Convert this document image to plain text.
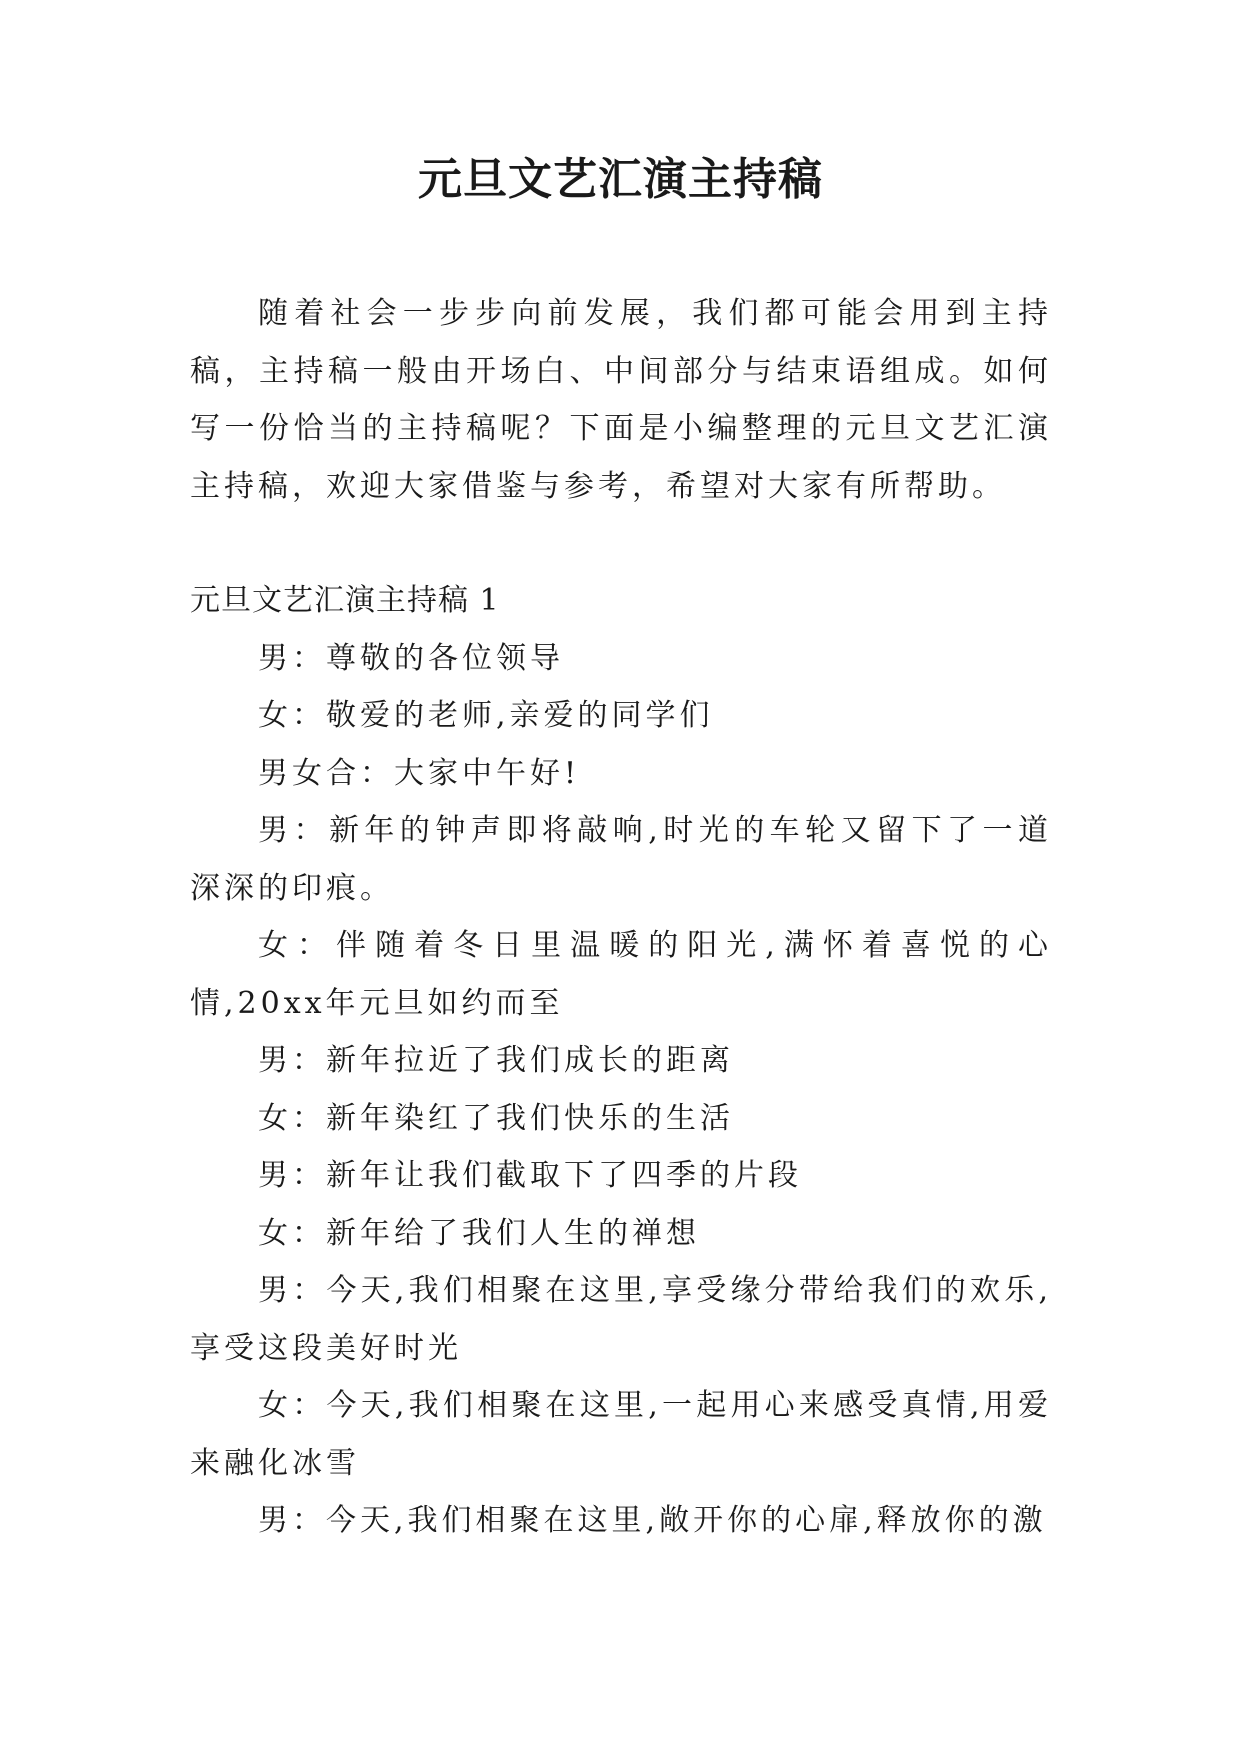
元旦文艺汇演主持稿

随着社会一步步向前发展，我们都可能会用到主持稿，主持稿一般由开场白、中间部分与结束语组成。如何写一份恰当的主持稿呢？下面是小编整理的元旦文艺汇演主持稿，欢迎大家借鉴与参考，希望对大家有所帮助。

元旦文艺汇演主持稿 1

男：尊敬的各位领导

女：敬爱的老师,亲爱的同学们

男女合：大家中午好!

男：新年的钟声即将敲响,时光的车轮又留下了一道深深的印痕。

女：伴随着冬日里温暖的阳光,满怀着喜悦的心情,20xx年元旦如约而至

男：新年拉近了我们成长的距离

女：新年染红了我们快乐的生活

男：新年让我们截取下了四季的片段

女：新年给了我们人生的禅想

男：今天,我们相聚在这里,享受缘分带给我们的欢乐,享受这段美好时光

女：今天,我们相聚在这里,一起用心来感受真情,用爱来融化冰雪

男：今天,我们相聚在这里,敞开你的心扉,释放你的激
